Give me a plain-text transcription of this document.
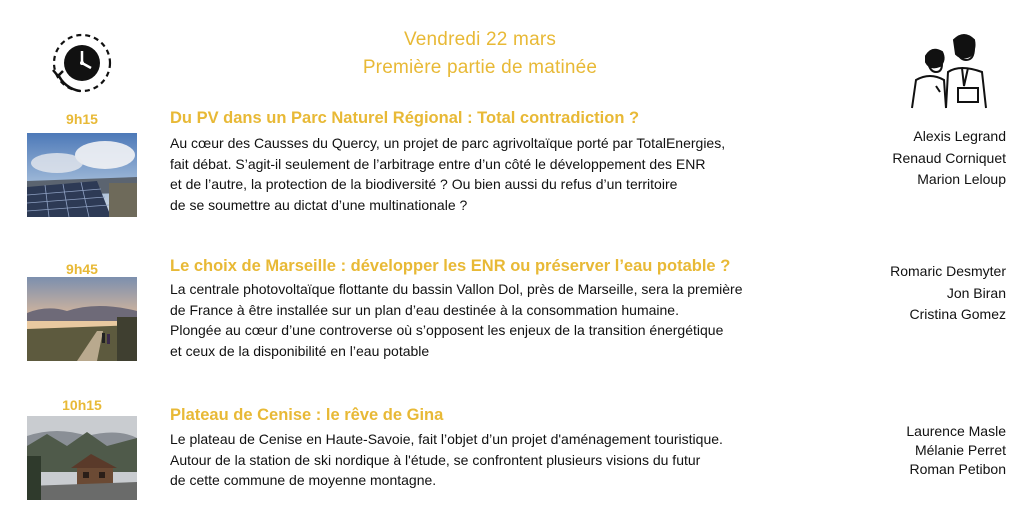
Vendredi 22 mars
Première partie de matinée
9h15	Du PV dans un Parc Naturel Régional : Total contradiction ?
Au cœur des Causses du Quercy, un projet de parc agrivoltaïque porté par TotalEnergies,
fait débat. S’agit-il seulement de l’arbitrage entre d’un côté le développement des ENR
et de l’autre, la protection de la biodiversité ? Ou bien aussi du refus d’un territoire
de se soumettre au dictat d’une multinationale ?
Alexis Legrand
Renaud Corniquet
Marion Leloup
9h45	Le choix de Marseille : développer les ENR ou préserver l’eau potable ?
La centrale photovoltaïque flottante du bassin Vallon Dol, près de Marseille, sera la première
de France à être installée sur un plan d’eau destinée à la consommation humaine.
Plongée au cœur d’une controverse où s’opposent les enjeux de la transition énergétique
et ceux de la disponibilité en l’eau potable
Romaric Desmyter
Jon Biran
Cristina Gomez
10h15
Plateau de Cenise : le rêve de Gina
Le plateau de Cenise en Haute-Savoie, fait l’objet d’un projet d'aménagement touristique.
Autour de la station de ski nordique à l'étude, se confrontent plusieurs visions du futur
de cette commune de moyenne montagne.
Laurence Masle
Mélanie Perret
Roman Petibon
